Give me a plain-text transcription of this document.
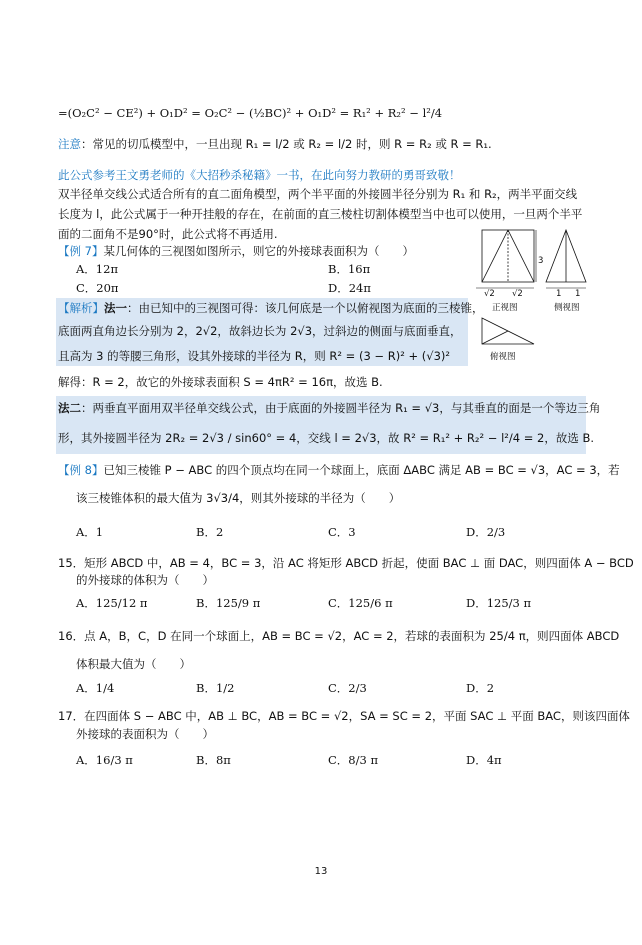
=(O₂C² − CE²) + O₁D² = O₂C² − (½BC)² + O₁D² = R₁² + R₂² − l²/4
注意：常见的切瓜模型中，一旦出现 R₁ = l/2 或 R₂ = l/2 时，则 R = R₂ 或 R = R₁.
此公式参考王文勇老师的《大招秒杀秘籍》一书，在此向努力教研的勇哥致敬！
双半径单交线公式适合所有的直二面角模型，两个半平面的外接圆半径分别为 R₁ 和 R₂，两半平面交线长度为 l，此公式属于一种开挂般的存在，在前面的直三棱柱切割体模型当中也可以使用，一旦两个半平面的二面角不是90°时，此公式将不再适用.
【例 7】某几何体的三视图如图所示，则它的外接球表面积为（　　）
A．12π	B．16π
C．20π	D．24π
3
√2 √2	1 1
正视图	侧视图
俯视图
【解析】法一：由已知中的三视图可得：该几何底是一个以俯视图为底面的三棱锥，
底面两直角边长分别为 2，2√2，故斜边长为 2√3，过斜边的侧面与底面垂直，
且高为 3 的等腰三角形，设其外接球的半径为 R，则 R² = (3 − R)² + (√3)²
解得：R = 2，故它的外接球表面积 S = 4πR² = 16π，故选 B.
法二：两垂直平面用双半径单交线公式，由于底面的外接圆半径为 R₁ = √3，与其垂直的面是一个等边三角
形，其外接圆半径为 2R₂ = 2√3 / sin60° = 4，交线 l = 2√3，故 R² = R₁² + R₂² − l²/4 = 2，故选 B.
【例 8】已知三棱锥 P − ABC 的四个顶点均在同一个球面上，底面 ΔABC 满足 AB = BC = √3，AC = 3，若
该三棱锥体积的最大值为 3√3/4，则其外接球的半径为（　　）
A．1	B．2	C．3	D．2/3
15．矩形 ABCD 中，AB = 4，BC = 3，沿 AC 将矩形 ABCD 折起，使面 BAC ⊥ 面 DAC，则四面体 A − BCD
的外接球的体积为（　　）
A．125/12 π	B．125/9 π	C．125/6 π	D．125/3 π
16．点 A，B，C，D 在同一个球面上，AB = BC = √2，AC = 2，若球的表面积为 25/4 π，则四面体 ABCD
体积最大值为（　　）
A．1/4	B．1/2	C．2/3	D．2
17．在四面体 S − ABC 中，AB ⊥ BC，AB = BC = √2，SA = SC = 2，平面 SAC ⊥ 平面 BAC，则该四面体
外接球的表面积为（　　）
A．16/3 π	B．8π	C．8/3 π	D．4π
13
